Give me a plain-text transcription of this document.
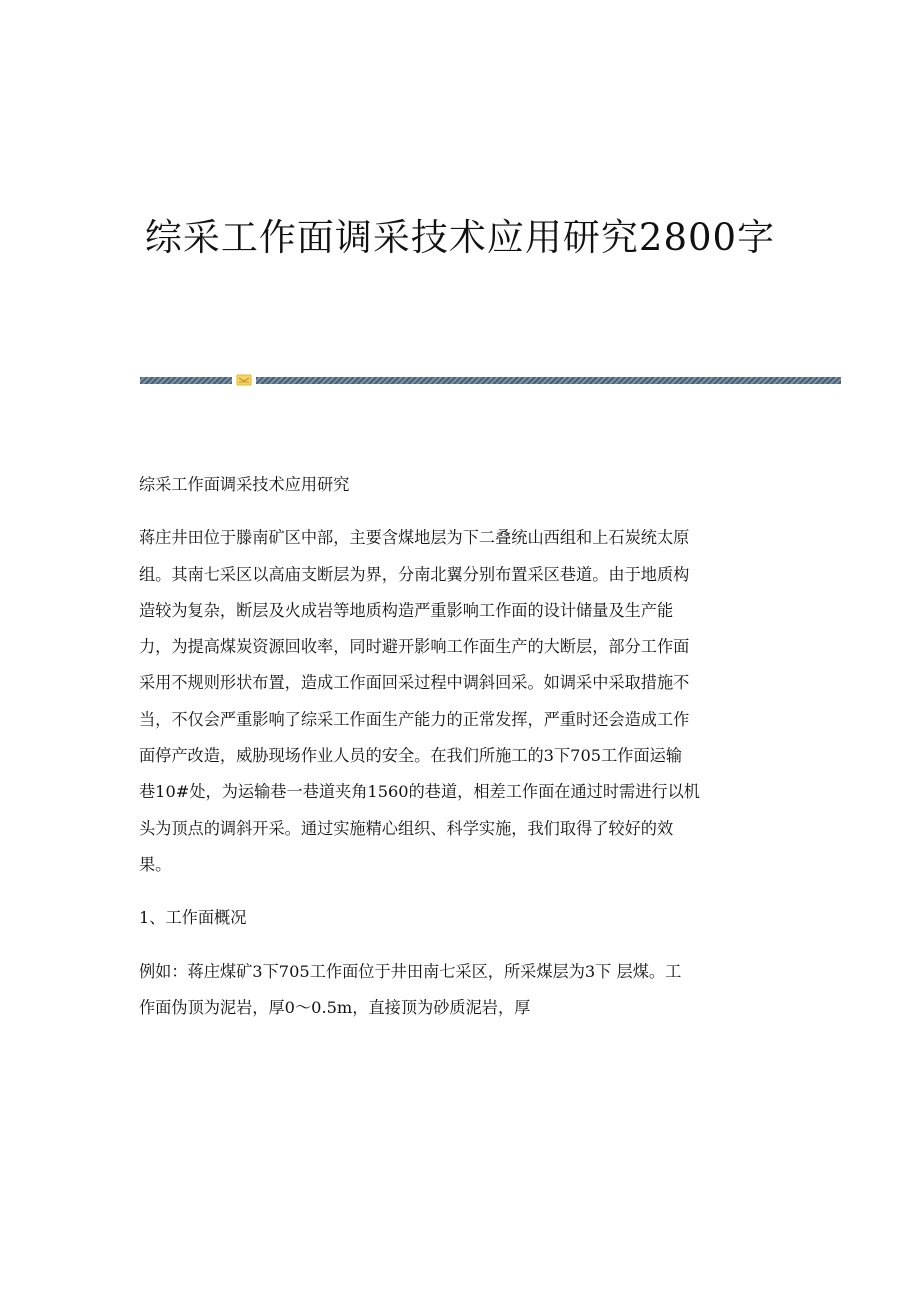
综采工作面调采技术应用研究2800字

综采工作面调采技术应用研究

蒋庄井田位于滕南矿区中部，主要含煤地层为下二叠统山西组和上石炭统太原

组。其南七采区以高庙支断层为界，分南北翼分别布置采区巷道。由于地质构

造较为复杂，断层及火成岩等地质构造严重影响工作面的设计储量及生产能

力，为提高煤炭资源回收率，同时避开影响工作面生产的大断层，部分工作面

采用不规则形状布置，造成工作面回采过程中调斜回采。如调采中采取措施不

当，不仅会严重影响了综采工作面生产能力的正常发挥，严重时还会造成工作

面停产改造，威胁现场作业人员的安全。在我们所施工的3下705工作面运输

巷10#处，为运输巷一巷道夹角1560的巷道，相差工作面在通过时需进行以机

头为顶点的调斜开采。通过实施精心组织、科学实施，我们取得了较好的效

果。

1、工作面概况

例如：蒋庄煤矿3下705工作面位于井田南七采区，所采煤层为3下 层煤。工

作面伪顶为泥岩，厚0～0.5m，直接顶为砂质泥岩，厚
